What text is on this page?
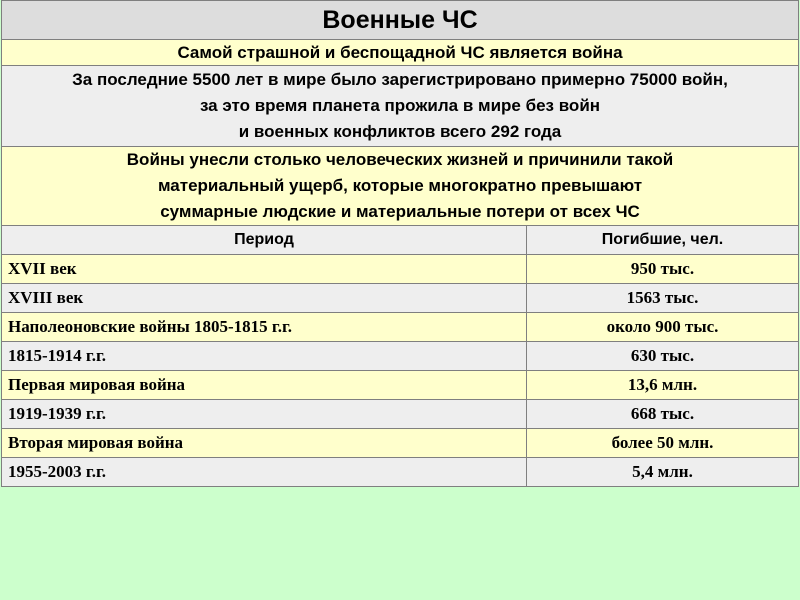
Военные ЧС	
Самой страшной и беспощадной ЧС является война	

За последние 5500 лет в мире было зарегистрировано примерно 75000 войн,
за это время планета прожила в мире без войн
и военных конфликтов всего 292 года	

Войны унесли столько человеческих жизней и причинили такой
материальный ущерб, которые многократно превышают
суммарные людские и материальные потери от всех ЧС	

Период	Погибшие, чел.
XVII век	950 тыс.
XVIII век	1563 тыс.
Наполеоновские войны 1805-1815 г.г.	около 900 тыс.
1815-1914 г.г.	630 тыс.
Первая мировая война	13,6 млн.
1919-1939 г.г.	668 тыс.
Вторая мировая война	более 50 млн.
1955-2003 г.г.	5,4 млн.
